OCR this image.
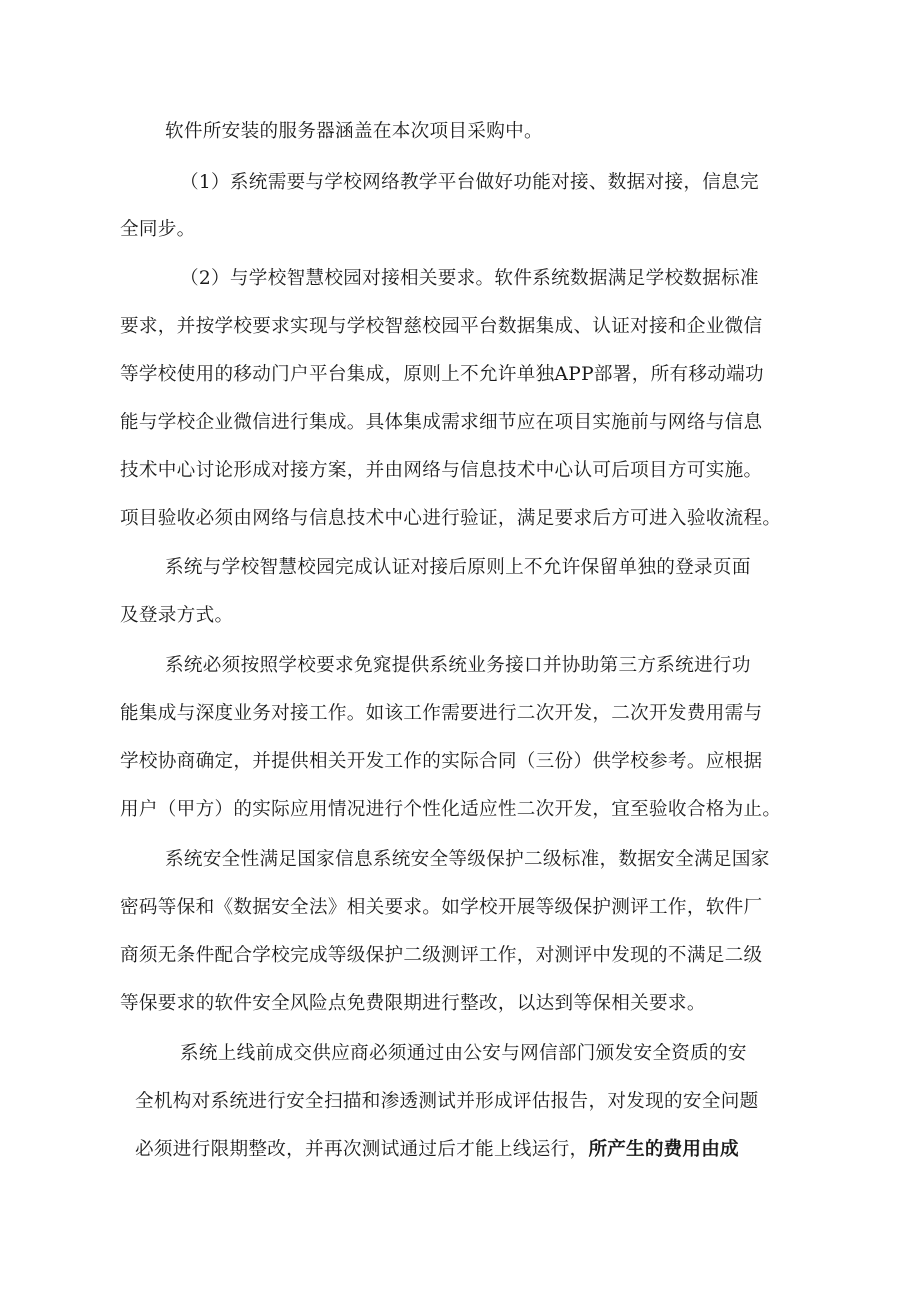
软件所安装的服务器涵盖在本次项目采购中。
（1）系统需要与学校网络教学平台做好功能对接、数据对接，信息完
全同步。
（2）与学校智慧校园对接相关要求。软件系统数据满足学校数据标准
要求，并按学校要求实现与学校智慈校园平台数据集成、认证对接和企业微信
等学校使用的移动门户平台集成，原则上不允许单独APP部署，所有移动端功
能与学校企业微信进行集成。具体集成需求细节应在项目实施前与网络与信息
技术中心讨论形成对接方案，并由网络与信息技术中心认可后项目方可实施。
项目验收必须由网络与信息技术中心进行验证，满足要求后方可进入验收流程。
系统与学校智慧校园完成认证对接后原则上不允许保留单独的登录页面
及登录方式。
系统必须按照学校要求免窕提供系统业务接口并协助第三方系统进行功
能集成与深度业务对接工作。如该工作需要进行二次开发，二次开发费用需与
学校协商确定，并提供相关开发工作的实际合同（三份）供学校参考。应根据
用户（甲方）的实际应用情况进行个性化适应性二次开发，宜至验收合格为止。
系统安全性满足国家信息系统安全等级保护二级标准，数据安全满足国家
密码等保和《数据安全法》相关要求。如学校开展等级保护测评工作，软件厂
商须无条件配合学校完成等级保护二级测评工作，对测评中发现的不满足二级
等保要求的软件安全风险点免费限期进行整改，以达到等保相关要求。
系统上线前成交供应商必须通过由公安与网信部门颁发安全资质的安
全机构对系统进行安全扫描和渗透测试并形成评估报告，对发现的安全问题
必须进行限期整改，并再次测试通过后才能上线运行，所产生的费用由成
